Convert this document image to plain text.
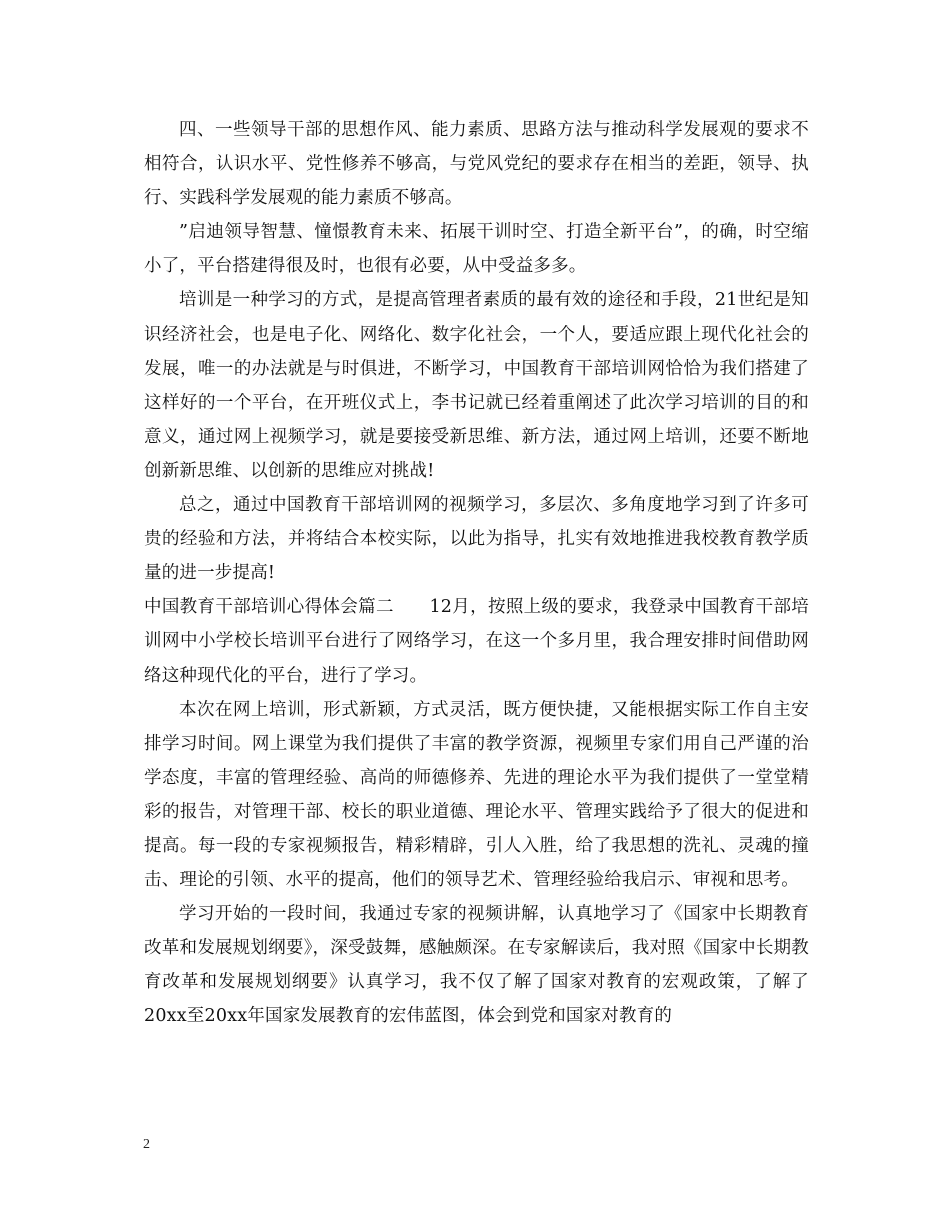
四、一些领导干部的思想作风、能力素质、思路方法与推动科学发展观的要求不相符合，认识水平、党性修养不够高，与党风党纪的要求存在相当的差距，领导、执行、实践科学发展观的能力素质不够高。

”启迪领导智慧、憧憬教育未来、拓展干训时空、打造全新平台”，的确，时空缩小了，平台搭建得很及时，也很有必要，从中受益多多。

培训是一种学习的方式，是提高管理者素质的最有效的途径和手段，21世纪是知识经济社会，也是电子化、网络化、数字化社会，一个人，要适应跟上现代化社会的发展，唯一的办法就是与时俱进，不断学习，中国教育干部培训网恰恰为我们搭建了这样好的一个平台，在开班仪式上，李书记就已经着重阐述了此次学习培训的目的和意义，通过网上视频学习，就是要接受新思维、新方法，通过网上培训，还要不断地创新新思维、以创新的思维应对挑战!

总之，通过中国教育干部培训网的视频学习，多层次、多角度地学习到了许多可贵的经验和方法，并将结合本校实际，以此为指导，扎实有效地推进我校教育教学质量的进一步提高!

中国教育干部培训心得体会篇二　　12月，按照上级的要求，我登录中国教育干部培训网中小学校长培训平台进行了网络学习，在这一个多月里，我合理安排时间借助网络这种现代化的平台，进行了学习。

本次在网上培训，形式新颖，方式灵活，既方便快捷，又能根据实际工作自主安排学习时间。网上课堂为我们提供了丰富的教学资源，视频里专家们用自己严谨的治学态度，丰富的管理经验、高尚的师德修养、先进的理论水平为我们提供了一堂堂精彩的报告，对管理干部、校长的职业道德、理论水平、管理实践给予了很大的促进和提高。每一段的专家视频报告，精彩精辟，引人入胜，给了我思想的洗礼、灵魂的撞击、理论的引领、水平的提高，他们的领导艺术、管理经验给我启示、审视和思考。

学习开始的一段时间，我通过专家的视频讲解，认真地学习了《国家中长期教育改革和发展规划纲要》，深受鼓舞，感触颇深。在专家解读后，我对照《国家中长期教育改革和发展规划纲要》认真学习，我不仅了解了国家对教育的宏观政策，了解了20xx至20xx年国家发展教育的宏伟蓝图，体会到党和国家对教育的

2
